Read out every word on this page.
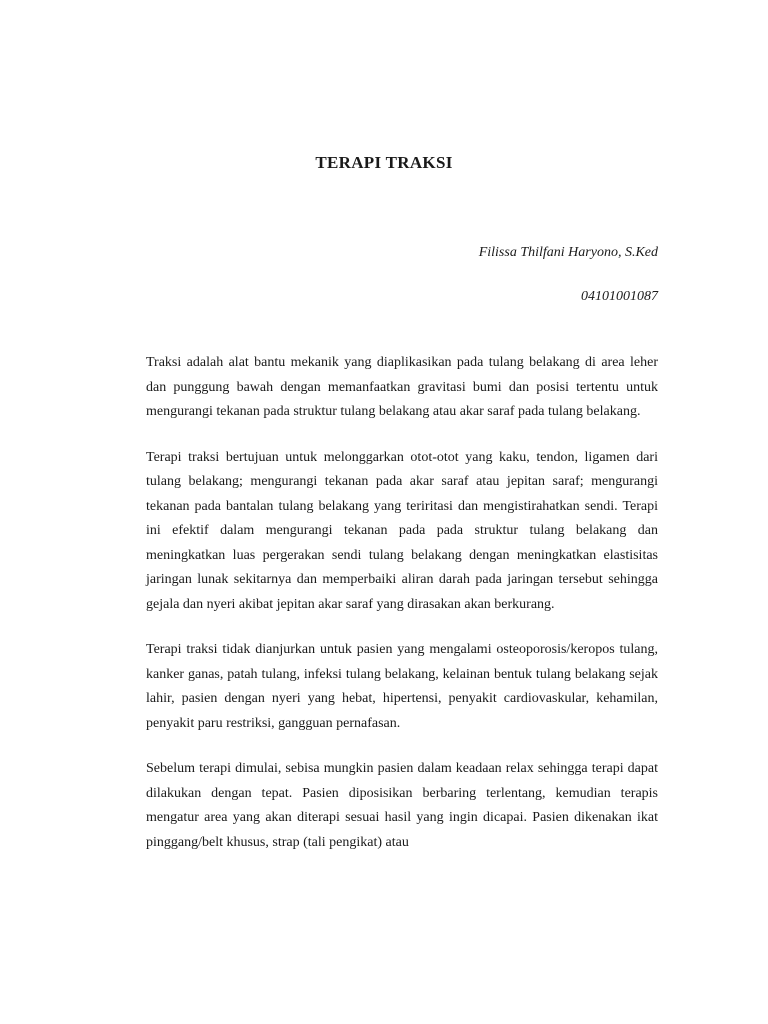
TERAPI TRAKSI

Filissa Thilfani Haryono, S.Ked

04101001087

Traksi adalah alat bantu mekanik yang diaplikasikan pada tulang belakang di area leher dan punggung bawah dengan memanfaatkan gravitasi bumi dan posisi tertentu untuk mengurangi tekanan pada struktur tulang belakang atau akar saraf pada tulang belakang.

Terapi traksi bertujuan untuk melonggarkan otot-otot yang kaku, tendon, ligamen dari tulang belakang; mengurangi tekanan pada akar saraf atau jepitan saraf; mengurangi tekanan pada bantalan tulang belakang yang teriritasi dan mengistirahatkan sendi. Terapi ini efektif dalam mengurangi tekanan pada pada struktur tulang belakang dan meningkatkan luas pergerakan sendi tulang belakang dengan meningkatkan elastisitas jaringan lunak sekitarnya dan memperbaiki aliran darah pada jaringan tersebut sehingga gejala dan nyeri akibat jepitan akar saraf yang dirasakan akan berkurang.

Terapi traksi tidak dianjurkan untuk pasien yang mengalami osteoporosis/keropos tulang, kanker ganas, patah tulang, infeksi tulang belakang, kelainan bentuk tulang belakang sejak lahir, pasien dengan nyeri yang hebat, hipertensi, penyakit cardiovaskular, kehamilan, penyakit paru restriksi, gangguan pernafasan.

Sebelum terapi dimulai, sebisa mungkin pasien dalam keadaan relax sehingga terapi dapat dilakukan dengan tepat. Pasien diposisikan berbaring terlentang, kemudian terapis mengatur area yang akan diterapi sesuai hasil yang ingin dicapai. Pasien dikenakan ikat pinggang/belt khusus, strap (tali pengikat) atau
